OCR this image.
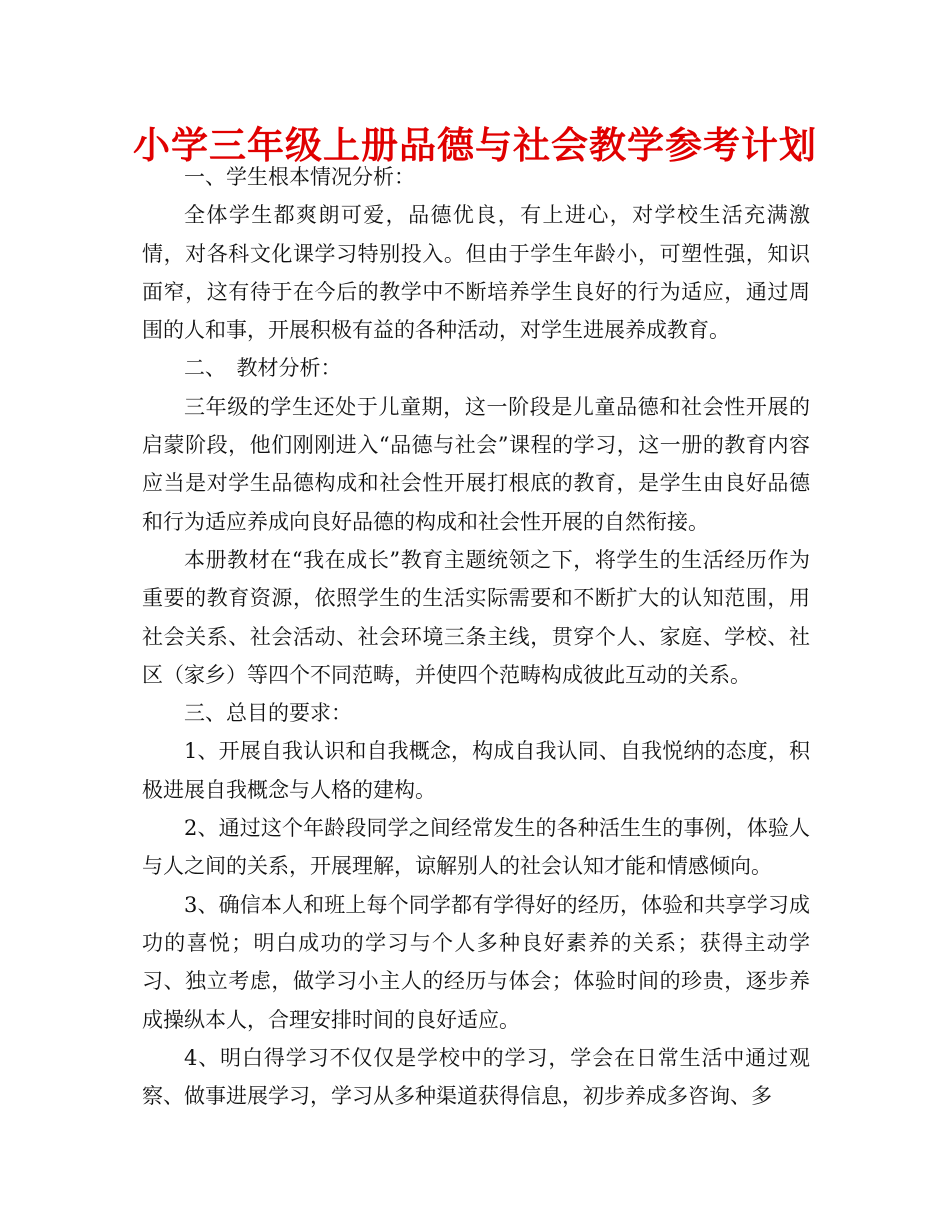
小学三年级上册品德与社会教学参考计划

一、学生根本情况分析：

全体学生都爽朗可爱，品德优良，有上进心，对学校生活充满激情，对各科文化课学习特别投入。但由于学生年龄小，可塑性强，知识面窄，这有待于在今后的教学中不断培养学生良好的行为适应，通过周围的人和事，开展积极有益的各种活动，对学生进展养成教育。

二、　教材分析：

三年级的学生还处于儿童期，这一阶段是儿童品德和社会性开展的启蒙阶段，他们刚刚进入“品德与社会”课程的学习，这一册的教育内容应当是对学生品德构成和社会性开展打根底的教育，是学生由良好品德和行为适应养成向良好品德的构成和社会性开展的自然衔接。

本册教材在“我在成长”教育主题统领之下，将学生的生活经历作为重要的教育资源，依照学生的生活实际需要和不断扩大的认知范围，用社会关系、社会活动、社会环境三条主线，贯穿个人、家庭、学校、社区（家乡）等四个不同范畴，并使四个范畴构成彼此互动的关系。

三、总目的要求：

1、开展自我认识和自我概念，构成自我认同、自我悦纳的态度，积极进展自我概念与人格的建构。

2、通过这个年龄段同学之间经常发生的各种活生生的事例，体验人与人之间的关系，开展理解，谅解别人的社会认知才能和情感倾向。

3、确信本人和班上每个同学都有学得好的经历，体验和共享学习成功的喜悦；明白成功的学习与个人多种良好素养的关系；获得主动学习、独立考虑，做学习小主人的经历与体会；体验时间的珍贵，逐步养成操纵本人，合理安排时间的良好适应。

4、明白得学习不仅仅是学校中的学习，学会在日常生活中通过观察、做事进展学习，学习从多种渠道获得信息，初步养成多咨询、多
